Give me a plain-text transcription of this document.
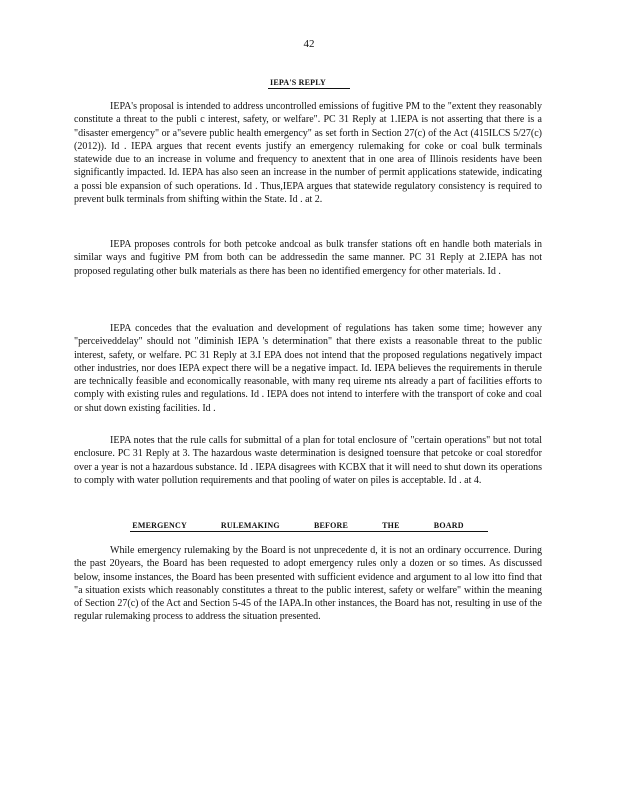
42
IEPA'S REPLY

IEPA's proposal is intended to address uncontrolled emissions of fugitive PM to the "extent they reasonably constitute a threat to the publi c interest, safety, or welfare". PC 31 Reply at 1.IEPA is not asserting that there is a "disaster emergency" or a"severe public health emergency" as set forth in Section 27(c) of the Act (415ILCS 5/27(c) (2012)). Id . IEPA argues that recent events justify an emergency rulemaking for coke or coal bulk terminals statewide due to an increase in volume and frequency to anextent that in one area of Illinois residents have been significantly impacted. Id. IEPA has also seen an increase in the number of permit applications statewide, indicating a possi ble expansion of such operations. Id . Thus,IEPA argues that statewide regulatory consistency is required to prevent bulk terminals from shifting within the State. Id . at 2.

IEPA proposes controls for both petcoke andcoal as bulk transfer stations oft en handle both materials in similar ways and fugitive PM from both can be addressedin the same manner. PC 31 Reply at 2.IEPA has not proposed regulating other bulk materials as there has been no identified emergency for other materials. Id .

IEPA concedes that the evaluation and development of regulations has taken some time; however any "perceiveddelay" should not "diminish IEPA 's determination" that there exists a reasonable threat to the public interest, safety, or welfare. PC 31 Reply at 3.I EPA does not intend that the proposed regulations negatively impact other industries, nor does IEPA expect there will be a negative impact. Id. IEPA believes the requirements in therule are technically feasible and economically reasonable, with many req uireme nts already a part of facilities efforts to comply with existing rules and regulations. Id . IEPA does not intend to interfere with the transport of coke and coal or shut down existing facilities. Id .

IEPA notes that the rule calls for submittal of a plan for total enclosure of "certain operations" but not total enclosure. PC 31 Reply at 3. The hazardous waste determination is designed toensure that petcoke or coal storedfor over a year is not a hazardous substance. Id . IEPA disagrees with KCBX that it will need to shut down its operations to comply with water pollution requirements and that pooling of water on piles is acceptable. Id . at 4.

EMERGENCY RULEMAKING BEFORE THE BOARD

While emergency rulemaking by the Board is not unprecedente d, it is not an ordinary occurrence. During the past 20years, the Board has been requested to adopt emergency rules only a dozen or so times. As discussed below, insome instances, the Board has been presented with sufficient evidence and argument to al low itto find that "a situation exists which reasonably constitutes a threat to the public interest, safety or welfare" within the meaning of Section 27(c) of the Act and Section 5-45 of the IAPA.In other instances, the Board has not, resulting in use of the regular rulemaking process to address the situation presented.
